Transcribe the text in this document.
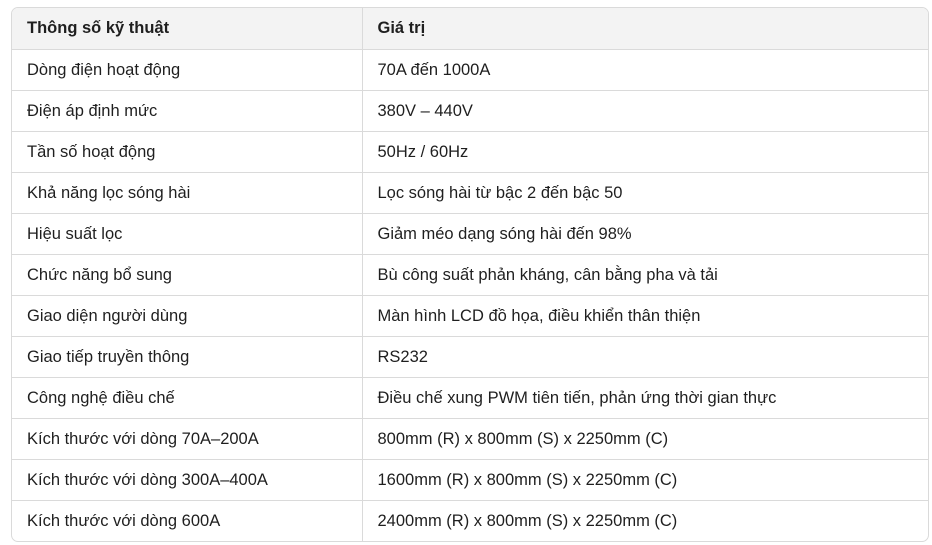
Thông số kỹ thuật	Giá trị
Dòng điện hoạt động	70A đến 1000A
Điện áp định mức	380V – 440V
Tần số hoạt động	50Hz / 60Hz
Khả năng lọc sóng hài	Lọc sóng hài từ bậc 2 đến bậc 50
Hiệu suất lọc	Giảm méo dạng sóng hài đến 98%
Chức năng bổ sung	Bù công suất phản kháng, cân bằng pha và tải
Giao diện người dùng	Màn hình LCD đồ họa, điều khiển thân thiện
Giao tiếp truyền thông	RS232
Công nghệ điều chế	Điều chế xung PWM tiên tiến, phản ứng thời gian thực
Kích thước với dòng 70A–200A	800mm (R) x 800mm (S) x 2250mm (C)
Kích thước với dòng 300A–400A	1600mm (R) x 800mm (S) x 2250mm (C)
Kích thước với dòng 600A	2400mm (R) x 800mm (S) x 2250mm (C)
